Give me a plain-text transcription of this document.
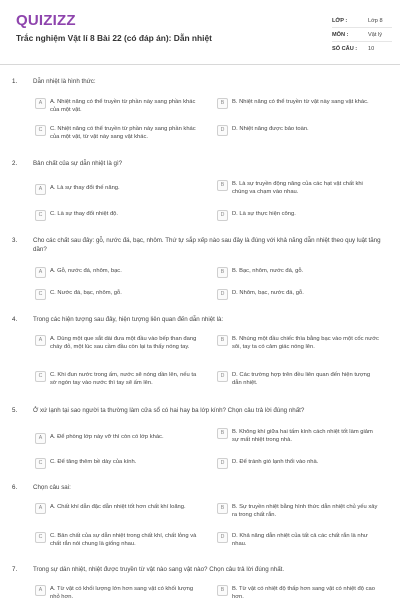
QUIZIZZ
Trắc nghiệm Vật lí 8 Bài 22 (có đáp án): Dẫn nhiệt
LỚP :	Lớp 8
MÔN :	Vật lý
SỐ CÂU :	10
1.	Dẫn nhiệt là hình thức:
A	A. Nhiệt năng có thể truyền từ phần này sang phần khác của một vật.
B	B. Nhiệt năng có thể truyền từ vật này sang vật khác.
C	C. Nhiệt năng có thể truyền từ phần này sang phần khác của một vật, từ vật này sang vật khác.
D	D. Nhiệt năng được bảo toàn.
2.	Bản chất của sự dẫn nhiệt là gì?
A	A. Là sự thay đổi thế năng.	B	B. Là sự truyền động năng của các hạt vật chất khi chúng va chạm vào nhau.
C	C. Là sự thay đổi nhiệt độ.	D	D. Là sự thực hiện công.
3.	Cho các chất sau đây: gỗ, nước đá, bạc, nhôm. Thứ tự sắp xếp nào sau đây là đúng với khả năng dẫn nhiệt theo quy luật tăng dần?
A	A. Gỗ, nước đá, nhôm, bạc.	B	B. Bạc, nhôm, nước đá, gỗ.
C	C. Nước đá, bạc, nhôm, gỗ.	D	D. Nhôm, bạc, nước đá, gỗ.
4.	Trong các hiện tượng sau đây, hiện tượng liên quan đến dẫn nhiệt là:
A	A. Dùng một que sắt dài đưa một đầu vào bếp than đang cháy đỏ, một lúc sau cầm đầu còn lại ta thấy nóng tay.
B	B. Nhúng một đầu chiếc thìa bằng bạc vào một cốc nước sôi, tay ta có cảm giác nóng lên.
C	C. Khi đun nước trong ấm, nước sẽ nóng dần lên, nếu ta sờ ngón tay vào nước thì tay sẽ ấm lên.
D	D. Các trường hợp trên đều liên quan đến hiện tượng dẫn nhiệt.
5.	Ở xứ lạnh tại sao người ta thường làm cửa sổ có hai hay ba lớp kính? Chọn câu trả lời đúng nhất?
A	A. Để phòng lớp này vỡ thì còn có lớp khác.
B	B. Không khí giữa hai tấm kính cách nhiệt tốt làm giảm sự mất nhiệt trong nhà.
C	C. Để tăng thêm bề dày của kính.	D	D. Để tránh gió lạnh thổi vào nhà.
6.	Chọn câu sai:
A	A. Chất khí dẫn đặc dẫn nhiệt tốt hơn chất khí loãng.	B	B. Sự truyền nhiệt bằng hình thức dẫn nhiệt chủ yếu xảy ra trong chất rắn.
C	C. Bản chất của sự dẫn nhiệt trong chất khí, chất lỏng và chất rắn nói chung là giống nhau.
D	D. Khả năng dẫn nhiệt của tất cả các chất rắn là như nhau.
7.	Trong sự dẫn nhiệt, nhiệt được truyền từ vật nào sang vật nào? Chọn câu trả lời đúng nhất.
A	A. Từ vật có khối lượng lớn hơn sang vật có khối lượng nhỏ hơn.
B	B. Từ vật có nhiệt độ thấp hơn sang vật có nhiệt độ cao hơn.
